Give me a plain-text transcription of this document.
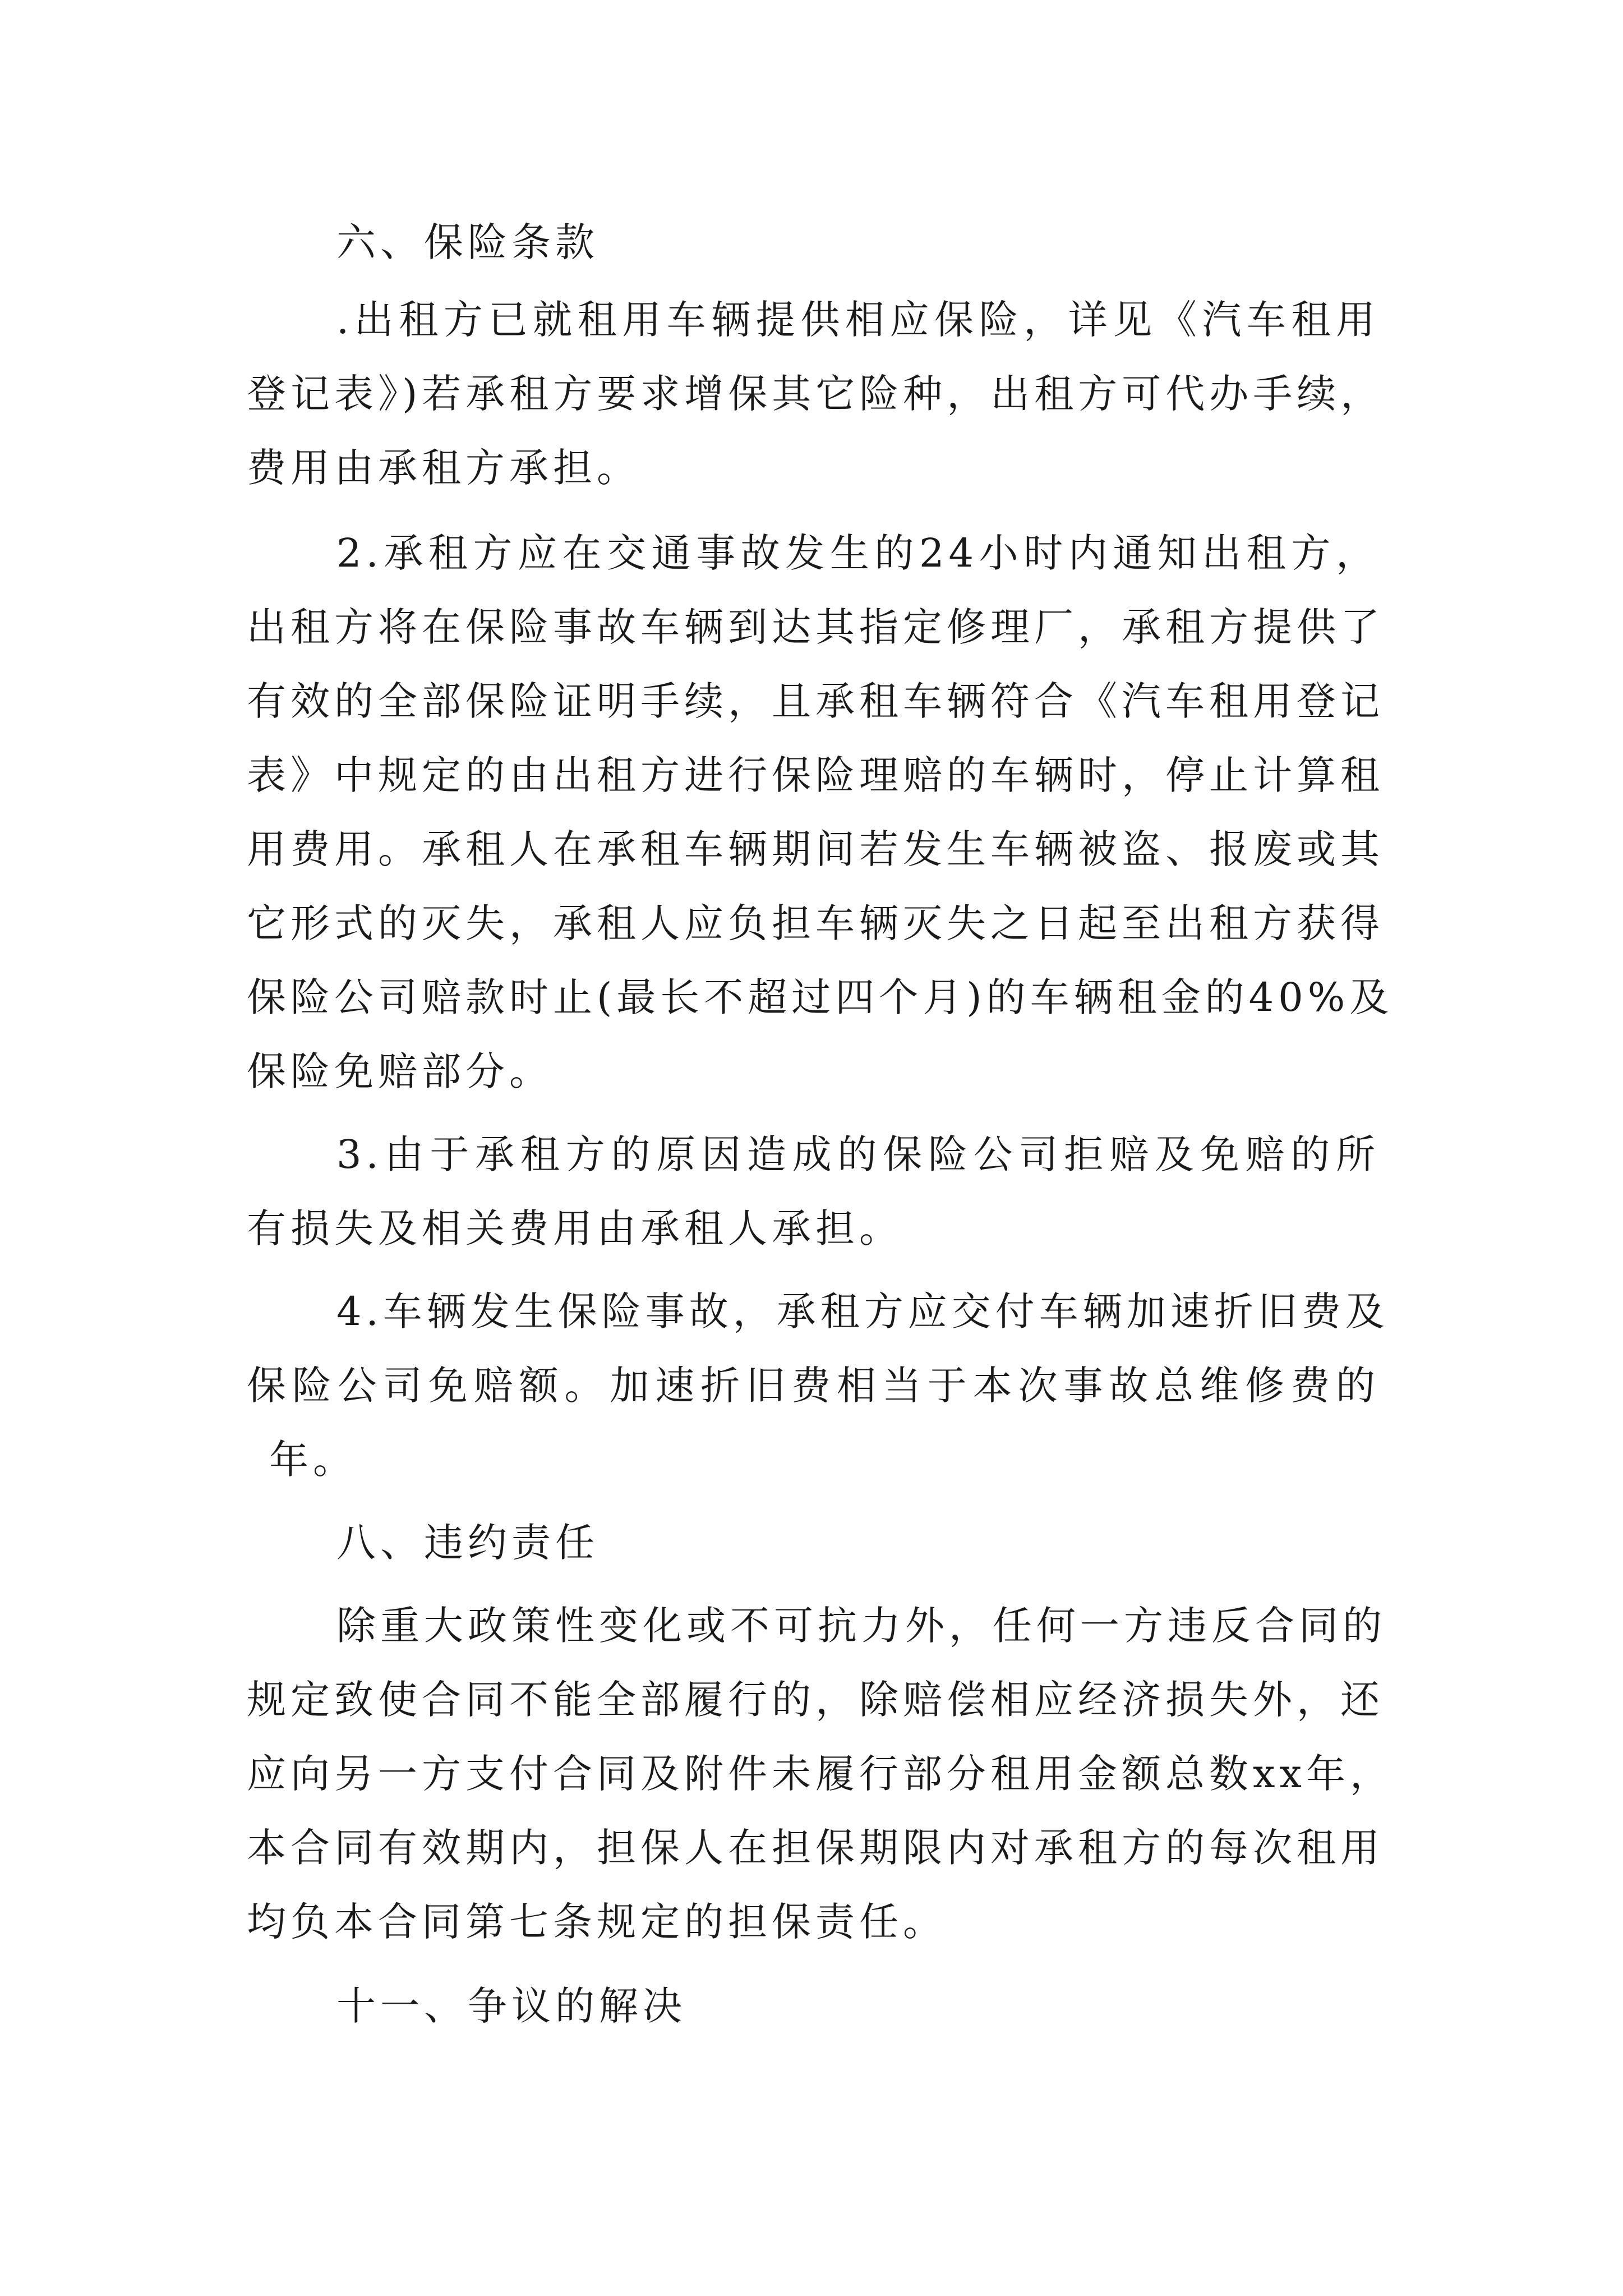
六、保险条款
.出租方已就租用车辆提供相应保险，详见《汽车租用
登记表》)若承租方要求增保其它险种，出租方可代办手续，
费用由承租方承担。
2.承租方应在交通事故发生的24小时内通知出租方，
出租方将在保险事故车辆到达其指定修理厂，承租方提供了
有效的全部保险证明手续，且承租车辆符合《汽车租用登记
表》中规定的由出租方进行保险理赔的车辆时，停止计算租
用费用。承租人在承租车辆期间若发生车辆被盗、报废或其
它形式的灭失，承租人应负担车辆灭失之日起至出租方获得
保险公司赔款时止(最长不超过四个月)的车辆租金的40%及
保险免赔部分。
3.由于承租方的原因造成的保险公司拒赔及免赔的所
有损失及相关费用由承租人承担。
4.车辆发生保险事故，承租方应交付车辆加速折旧费及
保险公司免赔额。加速折旧费相当于本次事故总维修费的
年。
八、违约责任
除重大政策性变化或不可抗力外，任何一方违反合同的
规定致使合同不能全部履行的，除赔偿相应经济损失外，还
应向另一方支付合同及附件未履行部分租用金额总数xx年，
本合同有效期内，担保人在担保期限内对承租方的每次租用
均负本合同第七条规定的担保责任。
十一、争议的解决
